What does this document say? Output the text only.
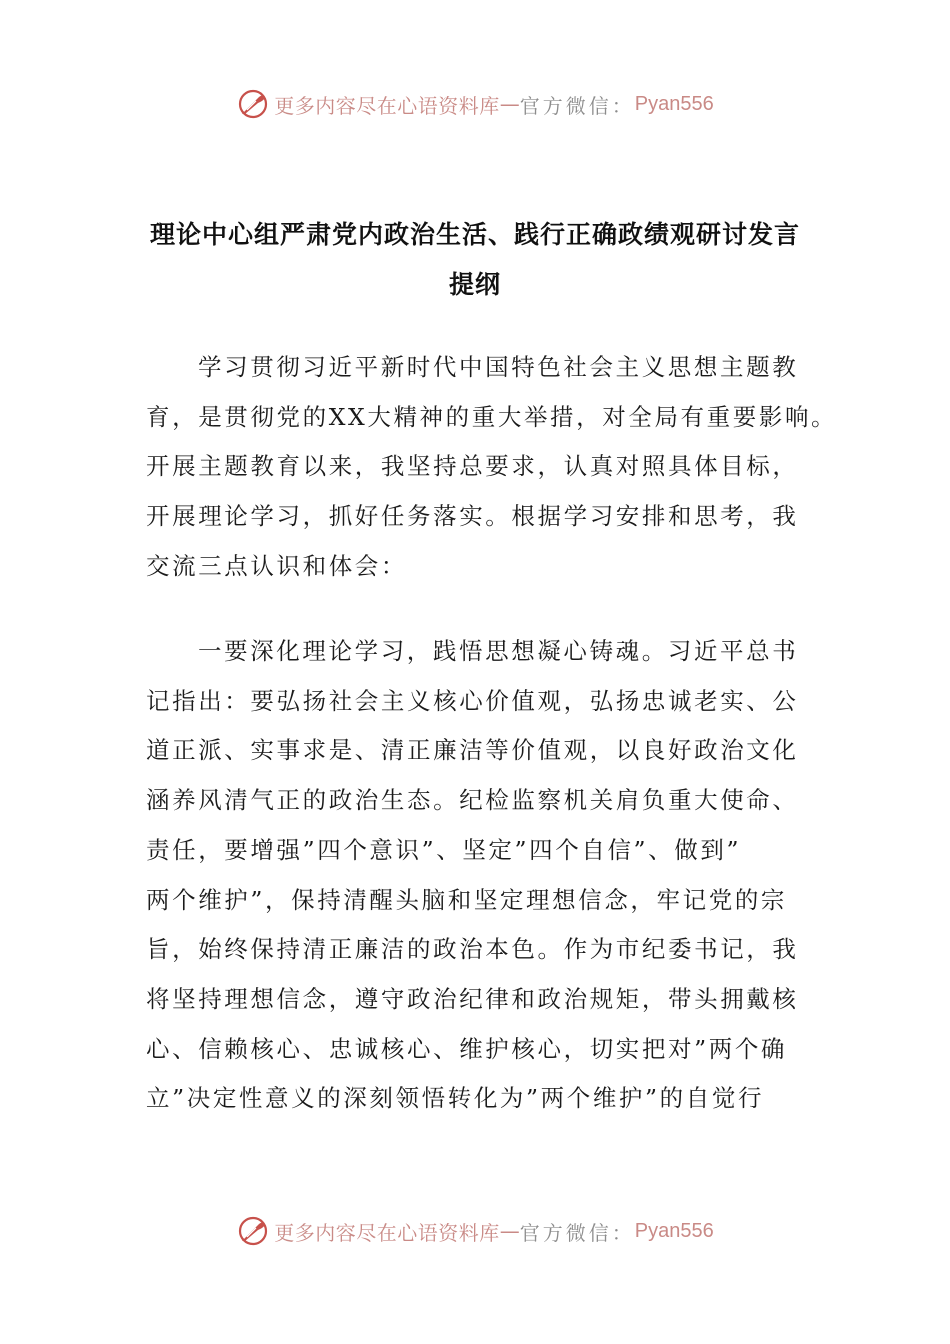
更多内容尽在心语资料库 — 官方微信： Pyan556
理论中心组严肃党内政治生活、践行正确政绩观研讨发言
提纲
学习贯彻习近平新时代中国特色社会主义思想主题教
育，是贯彻党的XX大精神的重大举措，对全局有重要影响。
开展主题教育以来，我坚持总要求，认真对照具体目标，
开展理论学习，抓好任务落实。根据学习安排和思考，我
交流三点认识和体会：
一要深化理论学习，践悟思想凝心铸魂。习近平总书
记指出：要弘扬社会主义核心价值观，弘扬忠诚老实、公
道正派、实事求是、清正廉洁等价值观，以良好政治文化
涵养风清气正的政治生态。纪检监察机关肩负重大使命、
责任，要增强”四个意识”、坚定”四个自信”、做到”
两个维护”，保持清醒头脑和坚定理想信念，牢记党的宗
旨，始终保持清正廉洁的政治本色。作为市纪委书记，我
将坚持理想信念，遵守政治纪律和政治规矩，带头拥戴核
心、信赖核心、忠诚核心、维护核心，切实把对”两个确
立”决定性意义的深刻领悟转化为”两个维护”的自觉行
更多内容尽在心语资料库 — 官方微信： Pyan556
